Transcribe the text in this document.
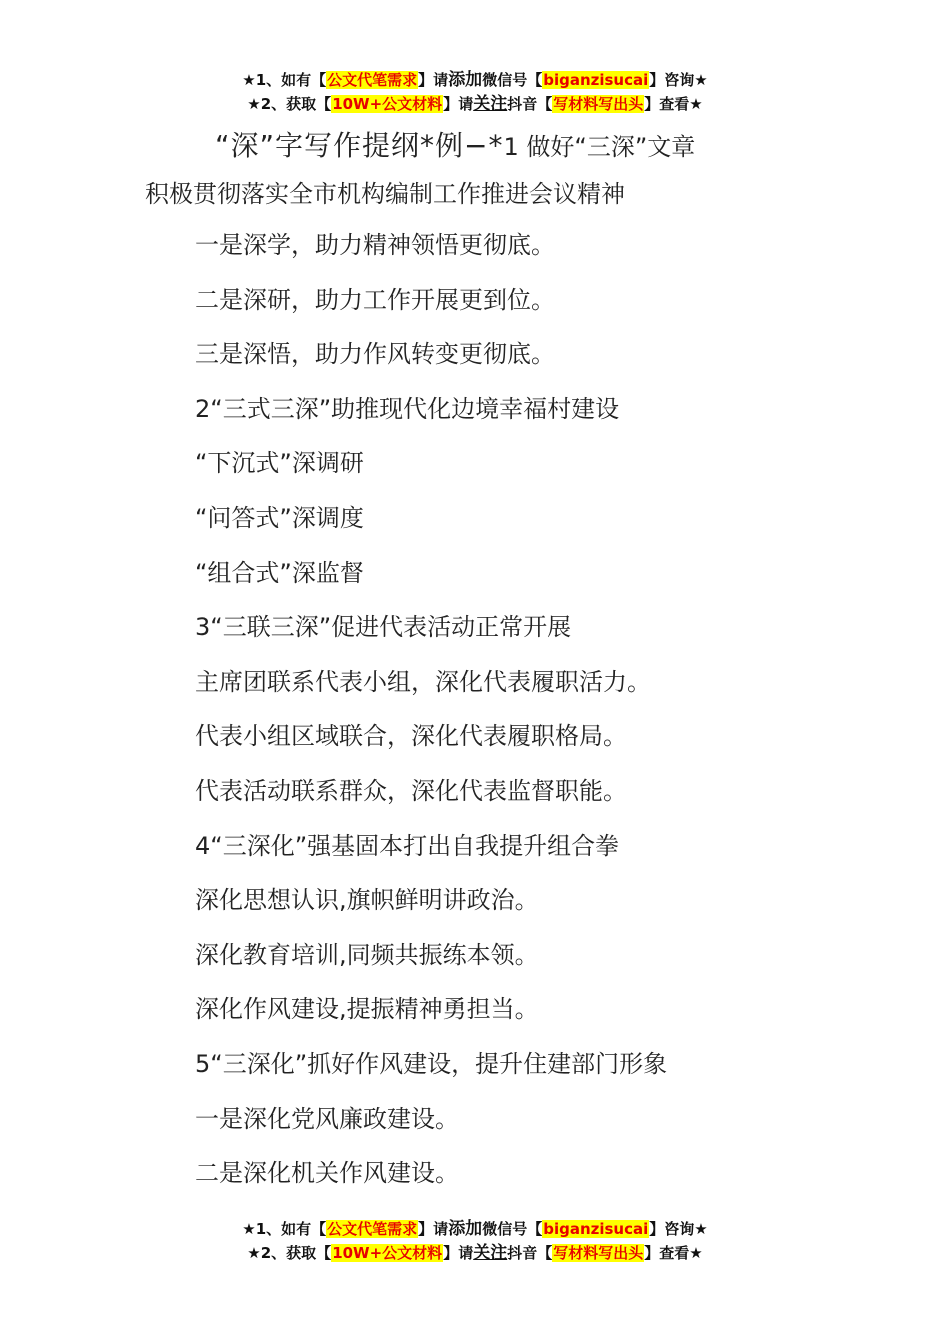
★1、如有【公文代笔需求】请添加微信号【biganzisucai】咨询★
★2、获取【10W+公文材料】请关注抖音【写材料写出头】查看★
“深”字写作提纲*例−*1 做好“三深”文章
积极贯彻落实全市机构编制工作推进会议精神
一是深学，助力精神领悟更彻底。
二是深研，助力工作开展更到位。
三是深悟，助力作风转变更彻底。
2“三式三深”助推现代化边境幸福村建设
“下沉式”深调研
“问答式”深调度
“组合式”深监督
3“三联三深”促进代表活动正常开展
主席团联系代表小组，深化代表履职活力。
代表小组区域联合，深化代表履职格局。
代表活动联系群众，深化代表监督职能。
4“三深化”强基固本打出自我提升组合拳
深化思想认识,旗帜鲜明讲政治。
深化教育培训,同频共振练本领。
深化作风建设,提振精神勇担当。
5“三深化”抓好作风建设，提升住建部门形象
一是深化党风廉政建设。
二是深化机关作风建设。
★1、如有【公文代笔需求】请添加微信号【biganzisucai】咨询★
★2、获取【10W+公文材料】请关注抖音【写材料写出头】查看★
